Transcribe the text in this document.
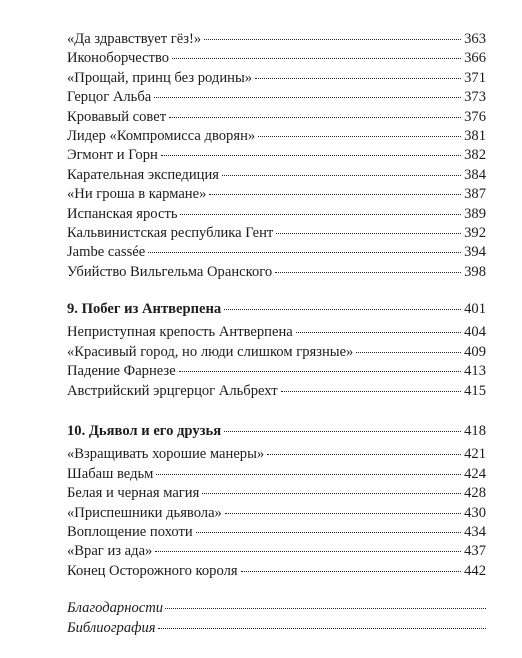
«Да здравствует гёз!»	363
Иконоборчество	366
«Прощай, принц без родины»	371
Герцог Альба	373
Кровавый совет	376
Лидер «Компромисса дворян»	381
Эгмонт и Горн	382
Карательная экспедиция	384
«Ни гроша в кармане»	387
Испанская ярость	389
Кальвинистская республика Гент	392
Jambe cassée	394
Убийство Вильгельма Оранского	398
9. Побег из Антверпена	401
Неприступная крепость Антверпена	404
«Красивый город, но люди слишком грязные»	409
Падение Фарнезе	413
Австрийский эрцгерцог Альбрехт	415
10. Дьявол и его друзья	418
«Взращивать хорошие манеры»	421
Шабаш ведьм	424
Белая и черная магия	428
«Приспешники дьявола»	430
Воплощение похоти	434
«Враг из ада»	437
Конец Осторожного короля	442
Благодарности
Библиография
